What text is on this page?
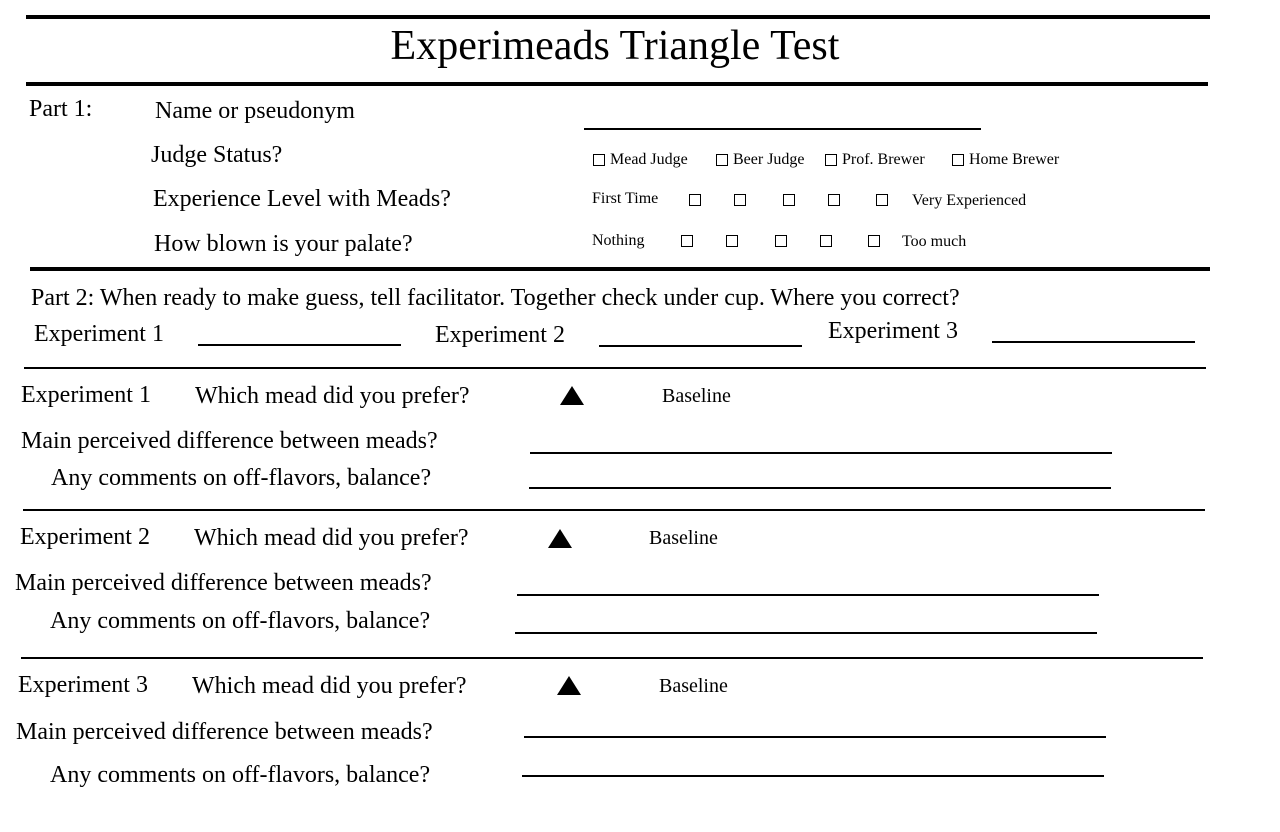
Experimeads Triangle Test
Part 1:	Name or pseudonym
Judge Status?	Mead Judge	Beer Judge Prof. Brewer	Home Brewer
Experience Level with Meads?	First Time	Very Experienced
How blown is your palate?	Nothing	Too much
Part 2: When ready to make guess, tell facilitator. Together check under cup. Where you correct?
Experiment 1	Experiment 2	Experiment 3
Experiment 1 Which mead did you prefer?	Baseline
Main perceived difference between meads?
Any comments on off-flavors, balance?
Experiment 2 Which mead did you prefer?	Baseline
Main perceived difference between meads?
Any comments on off-flavors, balance?
Experiment 3 Which mead did you prefer?	Baseline
Main perceived difference between meads?
Any comments on off-flavors, balance?
